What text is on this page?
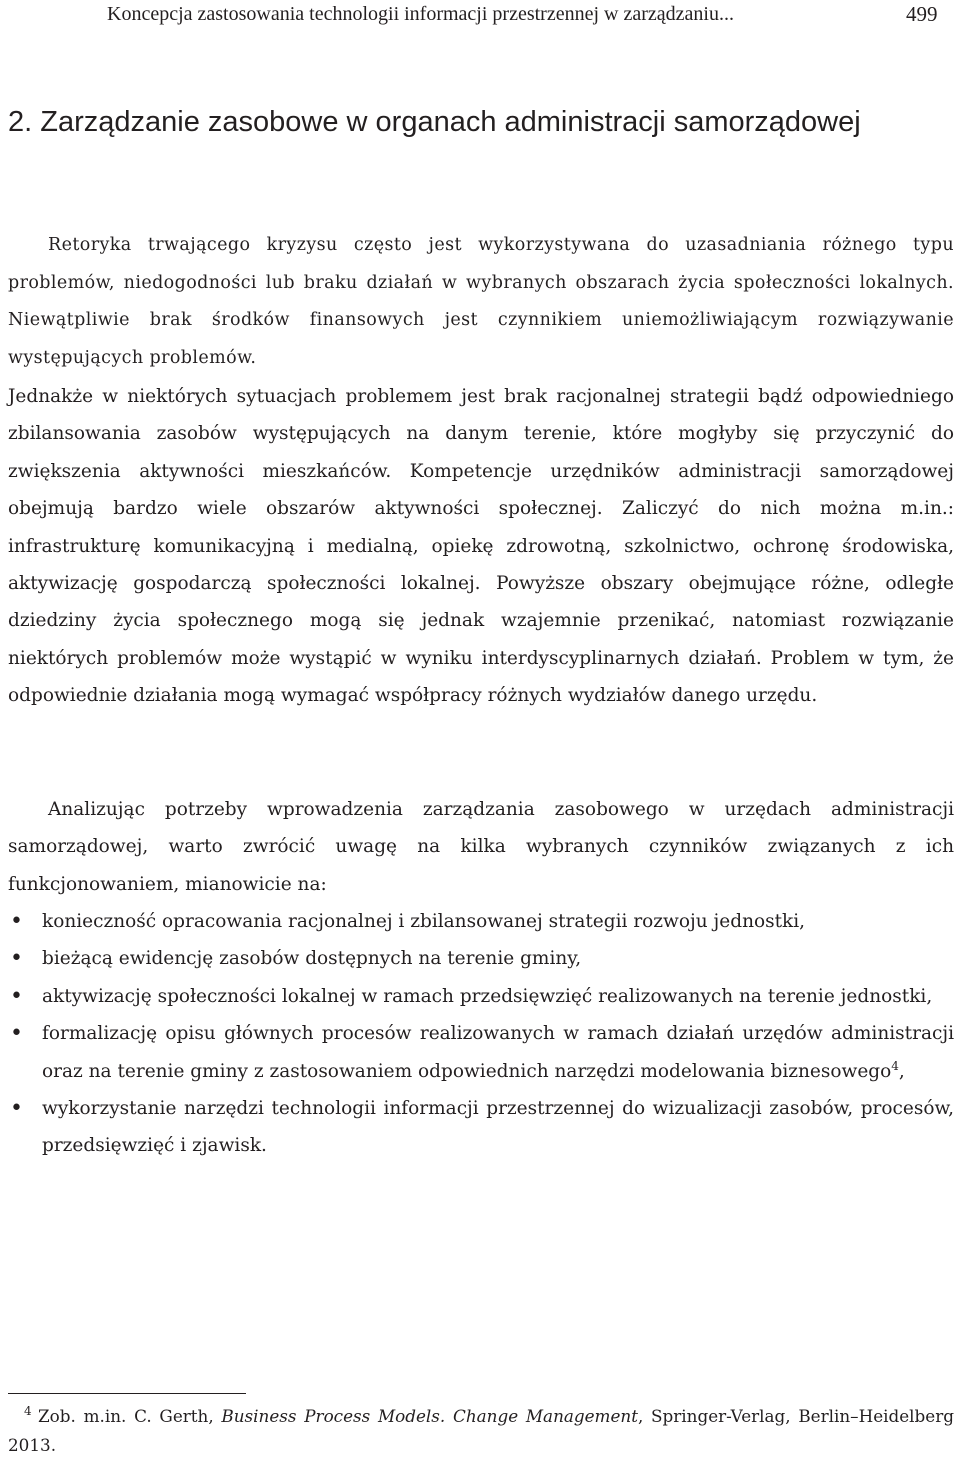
Koncepcja zastosowania technologii informacji przestrzennej w zarządzaniu...	499
2. Zarządzanie zasobowe w organach administracji samorządowej
Retoryka trwającego kryzysu często jest wykorzystywana do uzasadniania różnego typu problemów, niedogodności lub braku działań w wybranych obszarach życia społeczności lokalnych. Niewątpliwie brak środków finansowych jest czynnikiem uniemożliwiającym rozwiązywanie występujących problemów.
Jednakże w niektórych sytuacjach problemem jest brak racjonalnej strategii bądź odpowiedniego zbilansowania zasobów występujących na danym terenie, które mogłyby się przyczynić do zwiększenia aktywności mieszkańców. Kompetencje urzędników administracji samorządowej obejmują bardzo wiele obszarów aktywności społecznej. Zaliczyć do nich można m.in.: infrastrukturę komunikacyjną i medialną, opiekę zdrowotną, szkolnictwo, ochronę środowiska, aktywizację gospodarczą społeczności lokalnej. Powyższe obszary obejmujące różne, odległe dziedziny życia społecznego mogą się jednak wzajemnie przenikać, natomiast rozwiązanie niektórych problemów może wystąpić w wyniku interdyscyplinarnych działań. Problem w tym, że odpowiednie działania mogą wymagać współpracy różnych wydziałów danego urzędu.
Analizując potrzeby wprowadzenia zarządzania zasobowego w urzędach administracji samorządowej, warto zwrócić uwagę na kilka wybranych czynników związanych z ich funkcjonowaniem, mianowicie na:
• konieczność opracowania racjonalnej i zbilansowanej strategii rozwoju jednostki,
• bieżącą ewidencję zasobów dostępnych na terenie gminy,
• aktywizację społeczności lokalnej w ramach przedsięwzięć realizowanych na terenie jednostki,
• formalizację opisu głównych procesów realizowanych w ramach działań urzędów administracji oraz na terenie gminy z zastosowaniem odpowiednich narzędzi modelowania biznesowego$^4$,
• wykorzystanie narzędzi technologii informacji przestrzennej do wizualizacji zasobów, procesów, przedsięwzięć i zjawisk.
4 Zob. m.in. C. Gerth, Business Process Models. Change Management, Springer-Verlag, Berlin–Heidelberg 2013.
